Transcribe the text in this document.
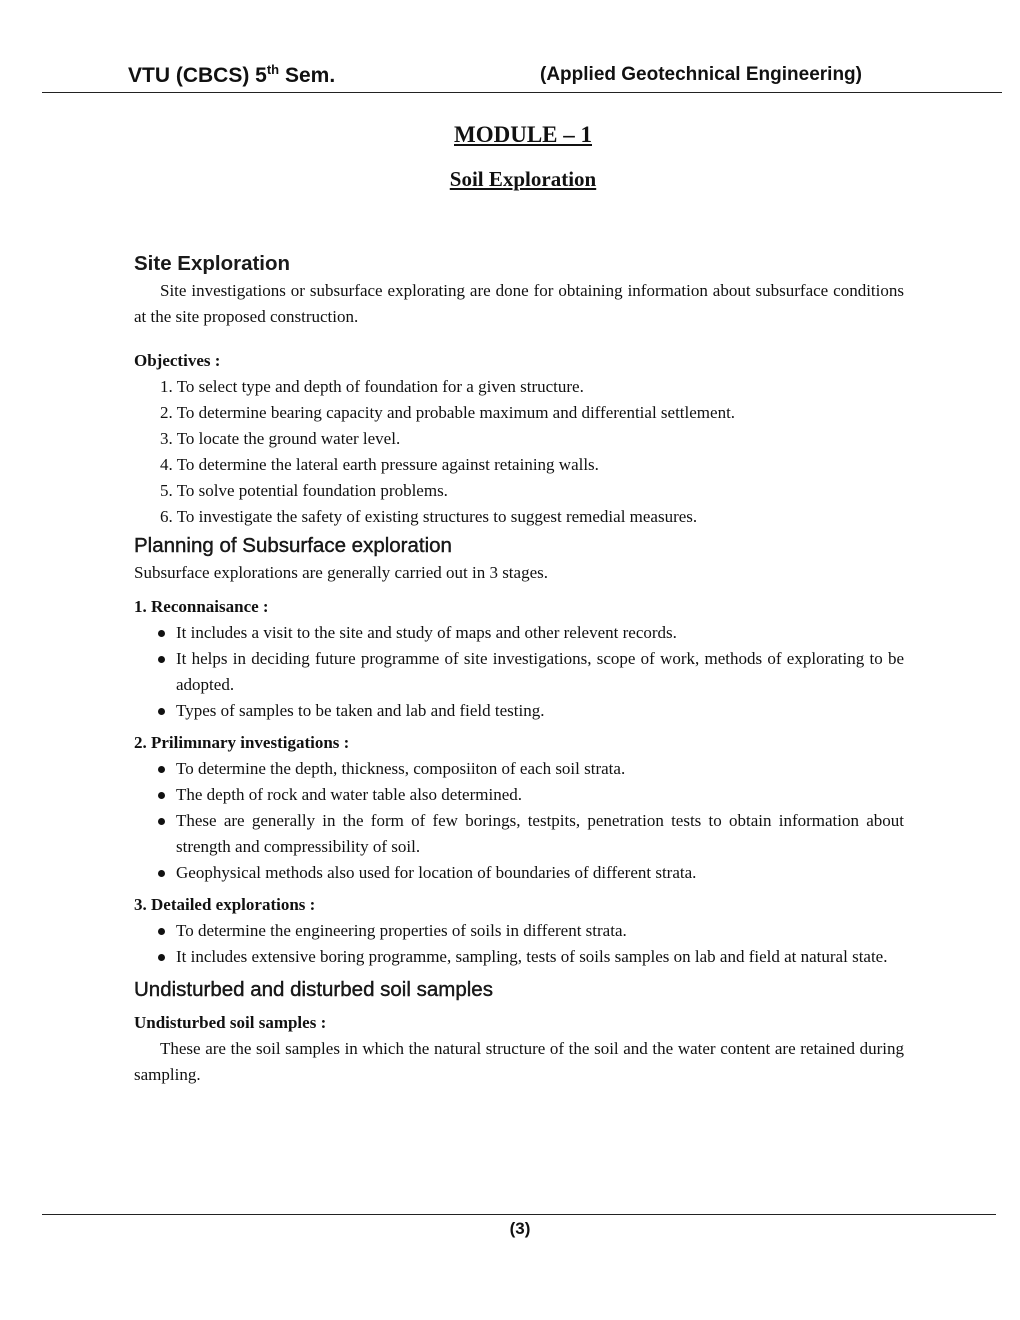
VTU (CBCS) 5th Sem.	(Applied Geotechnical Engineering)
MODULE – 1
Soil Exploration
Site Exploration

Site investigations or subsurface explorating are done for obtaining information about subsurface conditions at the site proposed construction.

Objectives :

1. To select type and depth of foundation for a given structure.
2. To determine bearing capacity and probable maximum and differential settlement.
3. To locate the ground water level.
4. To determine the lateral earth pressure against retaining walls.
5. To solve potential foundation problems.
6. To investigate the safety of existing structures to suggest remedial measures.
Planning of Subsurface exploration

Subsurface explorations are generally carried out in 3 stages.

1. Reconnaisance :

It includes a visit to the site and study of maps and other relevent records.
It helps in deciding future programme of site investigations, scope of work, methods of explorating to be adopted.
Types of samples to be taken and lab and field testing.

2. Prilimınary investigations :

To determine the depth, thickness, composiiton of each soil strata.
The depth of rock and water table also determined.
These are generally in the form of few borings, testpits, penetration tests to obtain information about strength and compressibility of soil.
Geophysical methods also used for location of boundaries of different strata.

3. Detailed explorations :

To determine the engineering properties of soils in different strata.
It includes extensive boring programme, sampling, tests of soils samples on lab and field at natural state.
Undisturbed and disturbed soil samples

Undisturbed soil samples :

These are the soil samples in which the natural structure of the soil and the water content are retained during sampling.

(3)
